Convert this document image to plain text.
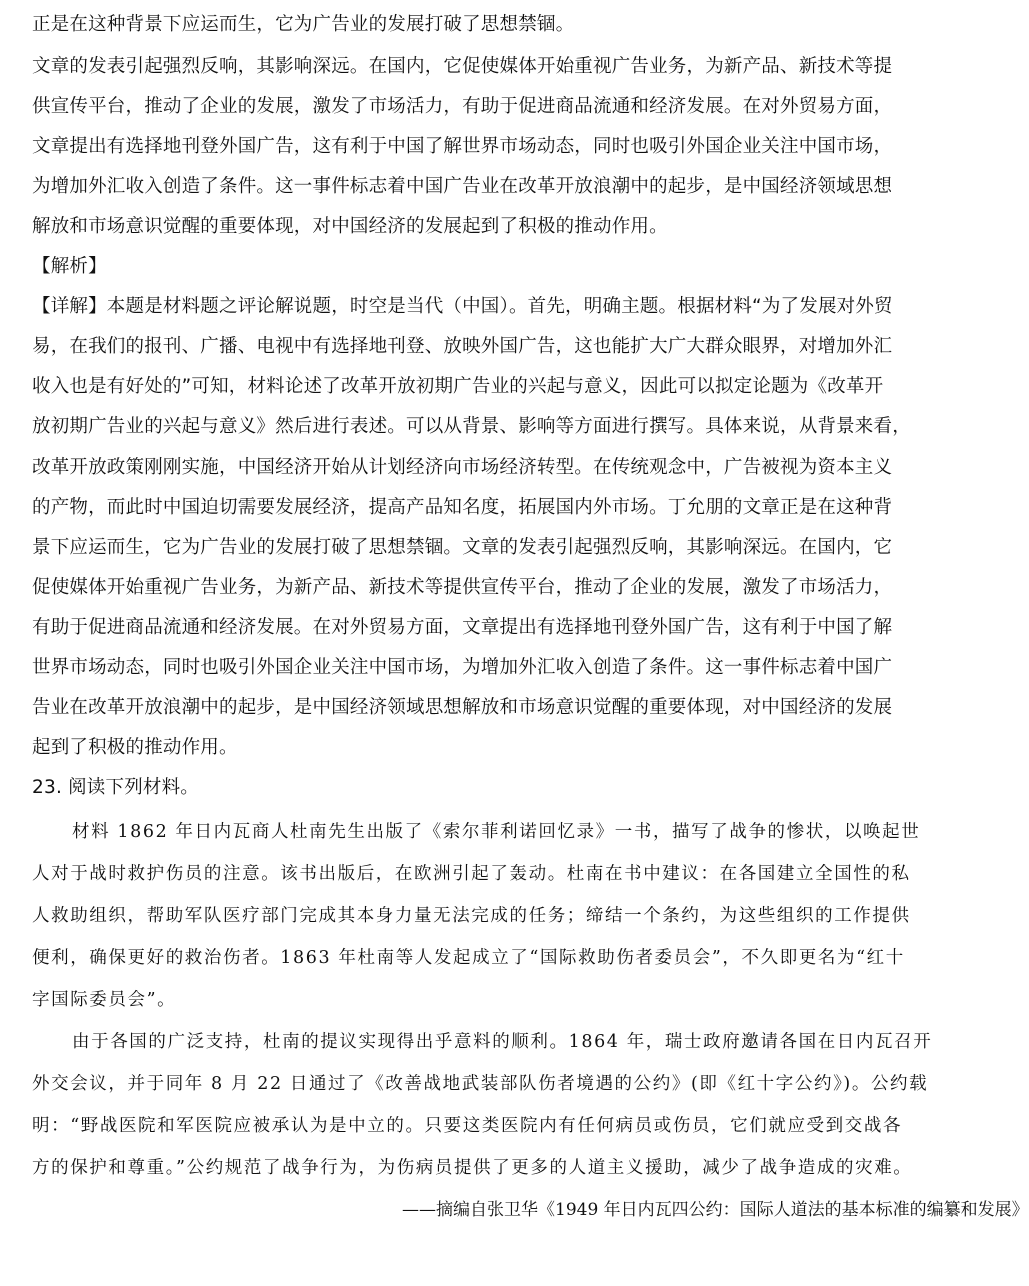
正是在这种背景下应运而生，它为广告业的发展打破了思想禁锢。
文章的发表引起强烈反响，其影响深远。在国内，它促使媒体开始重视广告业务，为新产品、新技术等提
供宣传平台，推动了企业的发展，激发了市场活力，有助于促进商品流通和经济发展。在对外贸易方面，
文章提出有选择地刊登外国广告，这有利于中国了解世界市场动态，同时也吸引外国企业关注中国市场，
为增加外汇收入创造了条件。这一事件标志着中国广告业在改革开放浪潮中的起步，是中国经济领域思想
解放和市场意识觉醒的重要体现，对中国经济的发展起到了积极的推动作用。
【解析】
【详解】本题是材料题之评论解说题，时空是当代（中国）。首先，明确主题。根据材料“为了发展对外贸
易，在我们的报刊、广播、电视中有选择地刊登、放映外国广告，这也能扩大广大群众眼界，对增加外汇
收入也是有好处的”可知，材料论述了改革开放初期广告业的兴起与意义，因此可以拟定论题为《改革开
放初期广告业的兴起与意义》然后进行表述。可以从背景、影响等方面进行撰写。具体来说，从背景来看，
改革开放政策刚刚实施，中国经济开始从计划经济向市场经济转型。在传统观念中，广告被视为资本主义
的产物，而此时中国迫切需要发展经济，提高产品知名度，拓展国内外市场。丁允朋的文章正是在这种背
景下应运而生，它为广告业的发展打破了思想禁锢。文章的发表引起强烈反响，其影响深远。在国内，它
促使媒体开始重视广告业务，为新产品、新技术等提供宣传平台，推动了企业的发展，激发了市场活力，
有助于促进商品流通和经济发展。在对外贸易方面，文章提出有选择地刊登外国广告，这有利于中国了解
世界市场动态，同时也吸引外国企业关注中国市场，为增加外汇收入创造了条件。这一事件标志着中国广
告业在改革开放浪潮中的起步，是中国经济领域思想解放和市场意识觉醒的重要体现，对中国经济的发展
起到了积极的推动作用。
23. 阅读下列材料。
材料 1862 年日内瓦商人杜南先生出版了《索尔菲利诺回忆录》一书，描写了战争的惨状，以唤起世
人对于战时救护伤员的注意。该书出版后，在欧洲引起了轰动。杜南在书中建议：在各国建立全国性的私
人救助组织，帮助军队医疗部门完成其本身力量无法完成的任务；缔结一个条约，为这些组织的工作提供
便利，确保更好的救治伤者。1863 年杜南等人发起成立了“国际救助伤者委员会”，不久即更名为“红十
字国际委员会”。
由于各国的广泛支持，杜南的提议实现得出乎意料的顺利。1864 年，瑞士政府邀请各国在日内瓦召开
外交会议，并于同年 8 月 22 日通过了《改善战地武装部队伤者境遇的公约》(即《红十字公约》)。公约载
明：“野战医院和军医院应被承认为是中立的。只要这类医院内有任何病员或伤员，它们就应受到交战各
方的保护和尊重。”公约规范了战争行为，为伤病员提供了更多的人道主义援助，减少了战争造成的灾难。
——摘编自张卫华《1949 年日内瓦四公约：国际人道法的基本标准的编纂和发展》
